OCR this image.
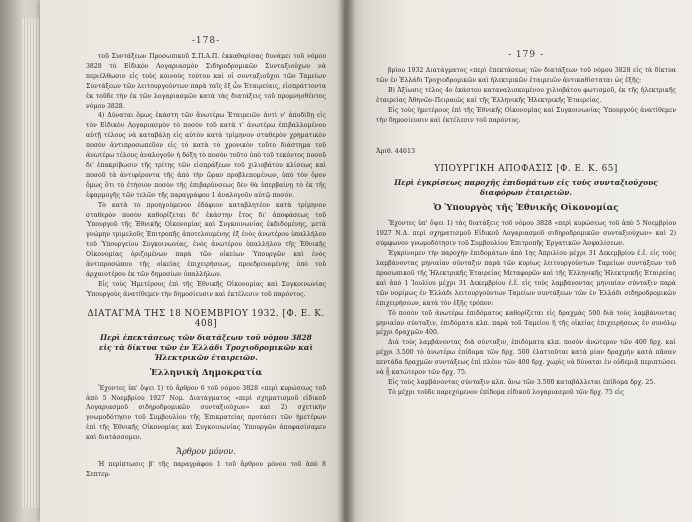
-178-

τοῦ Συντάξεων Προσωπικοῦ Σ.Π.Α.Π. ἐκκαθαρίσας δυνάμει τοῦ νόμου 3828 τὸ Εἰδικὸν Λογαριασμὸν Σιδηροδρομικῶν Συνταξιούχων νὰ περιέλθωσιν εἰς τοὺς κοινοὺς τούτου καὶ οἱ συνταξιοῦχοι τῶν Ταμείων Συντάξεων τῶν λειτουργούντων παρὰ ταῖς ἐξ ὧν Ἑταιρείαις, εἰσπράττοντα ἐκ τοῦδε τὴν ἐκ τῶν λογαριασμῶν κατὰ τὰς διατάξεις τοῦ προμνησθέντος νόμου 3828.

4) Δύναται ὅμως ἑκάστη τῶν ἄνωτέρω Ἑταιρειῶν ἀντὶ ν' ἀποδίδῃ εἰς τὸν Εἰδικὸν Λογαριασμὸν τὸ ποσὸν τοῦ κατὰ τ' ἀνωτέρω ἐπιβαλλομένου αὐτῇ τέλους νὰ καταβάλῃ εἰς αὐτὸν κατὰ τρίμηνον σταθερὸν χρηματικὸν ποσὸν ἀντιπροσωπεῦον εἰς τὸ κατὰ τὸ χρονικὸν τοῦτο διάστημα τοῦ ἀνωτέρω τέλους ἀναλογοῦν ἡ δόξη τὸ ποσὸν τοῦτο ὑπὸ τοῦ τεκόντος ποσοῦ δι' ἐπακρίβωσιν τῆς τρίτης τῶν εἰσπράξεων τοῦ χιλιοβάτου κλίσεως καὶ ποσοῦ τὰ ἀντιφέροντα τῆς ἀπὸ τὴν ὥραν προβλεπομένων, ὑπὸ τὸν ὅρον ὅμως ὅτι τὸ ἐτήσιον ποσὸν τῆς ἐπιβαρύνσεως δὲν θὰ ὑπερβαίνῃ τὸ ἐκ τῆς ἐφαρμογῆς τῶν τελῶν τῆς παραγράφου 1 ἀναλογοῦν αὐτῷ ποσόν.

Τὸ κατὰ τὸ προηγούμενον ἐδάφιον καταβλητέον κατὰ τρίμηνον σταθερὸν ποσὸν καθορίζεται δι' ἑκάστην ἔτος δι' ἀποφάσεως τοῦ Ὑπουργοῦ τῆς Ἐθνικῆς Οἰκονομίας καὶ Συγκοινωνίας ἐκδιδομένης, μετὰ γνώμην τριμελοῦς Ἐπιτροπῆς ἀποτελουμένης ἐξ ἑνὸς ἀνωτέρου ὑπαλλήλου τοῦ Ὑπουργείου Συγκοινωνίας, ἑνὸς ἀνωτέρου ὑπαλλήλου τῆς Ἐθνικῆς Οἰκονομίας ὁριζομένων παρὰ τῶν οἰκείων Ὑπουργῶν καὶ ἑνὸς ἀντιπροσώπου τῆς οἰκείας ἐπιχειρήσεως, προεδρευομένης ὑπὸ τοῦ ἀρχαιοτέρου ἐκ τῶν δημοσίων ὑπαλλήλων.

Εἰς τοὺς Ἡμετέρους ἐπὶ τῆς Ἐθνικῆς Οἰκονομίας καὶ Συγκοινωνίας Ὑπουργοὺς ἀνατίθεμεν τὴν δημοσίευσιν καὶ ἐκτέλεσιν τοῦ παρόντος.

ΔΙΑΤΑΓΜΑ ΤΗΣ 18 ΝΟΕΜΒΡΙΟΥ 1932. [Φ. Ε. Κ. 408]
Περὶ ἐπεκτάσεως τῶν διατάξεων τοῦ νόμου 3828 εἰς τὰ δίκτυα τῶν ἐν Ἑλλάδι Τροχιοδρομικῶν καὶ Ἠλεκτρικῶν ἑταιρειῶν.
Ἑλληνικὴ Δημοκρατία

Ἔχοντες ὑπ' ὄψει 1) τὸ ἄρθρον 6 τοῦ νόμου 3828 «περὶ κυρώσεως τοῦ ἀπὸ 5 Νοεμβρίου 1927 Νομ. Διατάγματος «περὶ σχηματισμοῦ εἰδικοῦ Λογαριασμοῦ σιδηροδρομικῶν συνταξιούχων» καὶ 2) σχετικὴν γνωμοδότησιν τοῦ Συμβουλίου τῆς Ἐπικρατείας προτάσει τῶν ἡμετέρων ἐπὶ τῆς Ἐθνικῆς Οἰκονομίας καὶ Συγκοινωνίας Ὑπουργῶν ἀποφασίσαμεν καὶ διατάσσομεν.

Ἄρθρον μόνον.

Ἡ περίπτωσις β' τῆς παραγράφου 1 τοῦ ἄρθρου μόνου τοῦ ἀπὸ 8 Σεπτεμ-

- 179 -

βρίου 1932 Διατάγματος «περὶ ἐπεκτάσεως τῶν διατάξεων τοῦ νόμου 3828 εἰς τὰ δίκτυα τῶν ἐν Ἑλλάδι Τροχιοδρομικῶν καὶ ἠλεκτρικῶν ἑταιρειῶν ἀντικαθίσταται ὡς ἑξῆς:

Β) Ἀξίωσις τέλος 4ο ἐκάστου καταναλισκομένου χιλιοβάτου φωτισμοῦ, ἐκ τῆς ἠλεκτρικῆς ἑταιρείας Ἀθηνῶν-Πειραιῶς καὶ τῆς Ἑλληνικῆς Ἠλεκτρικῆς Ἑταιρείας.

Εἰς τοὺς ἡμετέρους ἐπὶ τῆς Ἐθνικῆς Οἰκονομίας καὶ Συγκοινωνίας Ὑπουργοὺς ἀνατίθεμεν τὴν δημοσίευσιν καὶ ἐκτέλεσιν τοῦ παρόντος.

Ἀριθ. 44613
ΥΠΟΥΡΓΙΚΗ ΑΠΟΦΑΣΙΣ [Φ. Ε. Κ. 65]
Περὶ ἐγκρίσεως παροχῆς ἐπιδομάτων εἰς τοὺς συνταξιούχους διαφόρων ἑταιρειῶν.
Ὁ Ὑπουργὸς τῆς Ἐθνικῆς Οἰκονομίας

Ἔχοντες ὑπ' ὄψει 1) τὰς διατάξεις τοῦ νόμου 3828 «περὶ κυρώσεως τοῦ ἀπὸ 5 Νοεμβρίου 1927 Ν.Δ. περὶ σχηματισμοῦ Εἰδικοῦ Λογαριασμοῦ σιδηροδρομικῶν συνταξιούχων» καὶ 2) σύμφωνον γνωμοδότησιν τοῦ Συμβουλίου Ἐπιτροπῆς Ἐργατικῶν Ἀσφαλίσεων.

Ἐγκρίνομεν τὴν παροχὴν ἐπιδομάτων ἀπὸ 1ης Ἀπριλίου μέχρι 31 Δεκεμβρίου ἐ.ἔ. εἰς τοὺς λαμβάνοντας μηνιαίαν σύνταξιν παρὰ τῶν κυρίως λειτουργούντων Ταμείων συντάξεων τοῦ προσωπικοῦ τῆς Ἠλεκτρικῆς Ἑταιρείας Μεταφορῶν καὶ τῆς Ἑλληνικῆς Ἠλεκτρικῆς Ἑταιρείας καὶ ἀπὸ 1 Ἰουλίου μέχρι 31 Δεκεμβρίου ἐ.ἔ. εἰς τοὺς λαμβάνοντας μηνιαίαν σύνταξιν παρὰ τῶν νομίμως ἐν Ἑλλάδι λειτουργούντων Ταμείων συντάξεων τῶν ἐν Ἑλλάδι σιδηροδρομικῶν ἐπιχειρήσεων, κατὰ τὸν ἑξῆς τρόπον:

Τὸ ποσὸν τοῦ ἀνωτέρω ἐπιδόματος καθορίζεται εἰς δραχμὰς 500 διὰ τοὺς λαμβάνοντας μηνιαίαν σύνταξιν, ἐπιδόματα κλπ. παρὰ τοῦ Ταμείου ἢ τῆς οἰκείας ἐπιχειρήσεως ἐν συνόλῳ μέχρι δραχμῶν 400.

Διὰ τοὺς λαμβάνοντας διὰ σύνταξιν, ἐπιδόματα κλπ. ποσὸν ἀνώτερον τῶν 400 δρχ. καὶ μέχρι 3.500 τὸ ἀνωτέρω ἐπίδομα τῶν δρχ. 500 ἐλαττοῦται κατὰ μίαν δραχμὴν κατὰ πᾶσαν πεντάδα δραχμῶν συντάξεως ἐπὶ πλέον τῶν 400 δρχ. χωρὶς νὰ δύναται ἐν οὐδεμιᾷ περιπτώσει νὰ ᾖ κατώτερον τῶν δρχ. 75.

Εἰς τοὺς λαμβάνοντας σύνταξιν κλπ. ἄνω τῶν 3.500 καταβάλλεται ἐπίδομα δρχ. 25.

Τὸ μέχρι τοῦδε παρεχόμενον ἐπίδομα εἰδικοῦ λογαριασμοῦ τῶν δρχ. 75 εἰς
